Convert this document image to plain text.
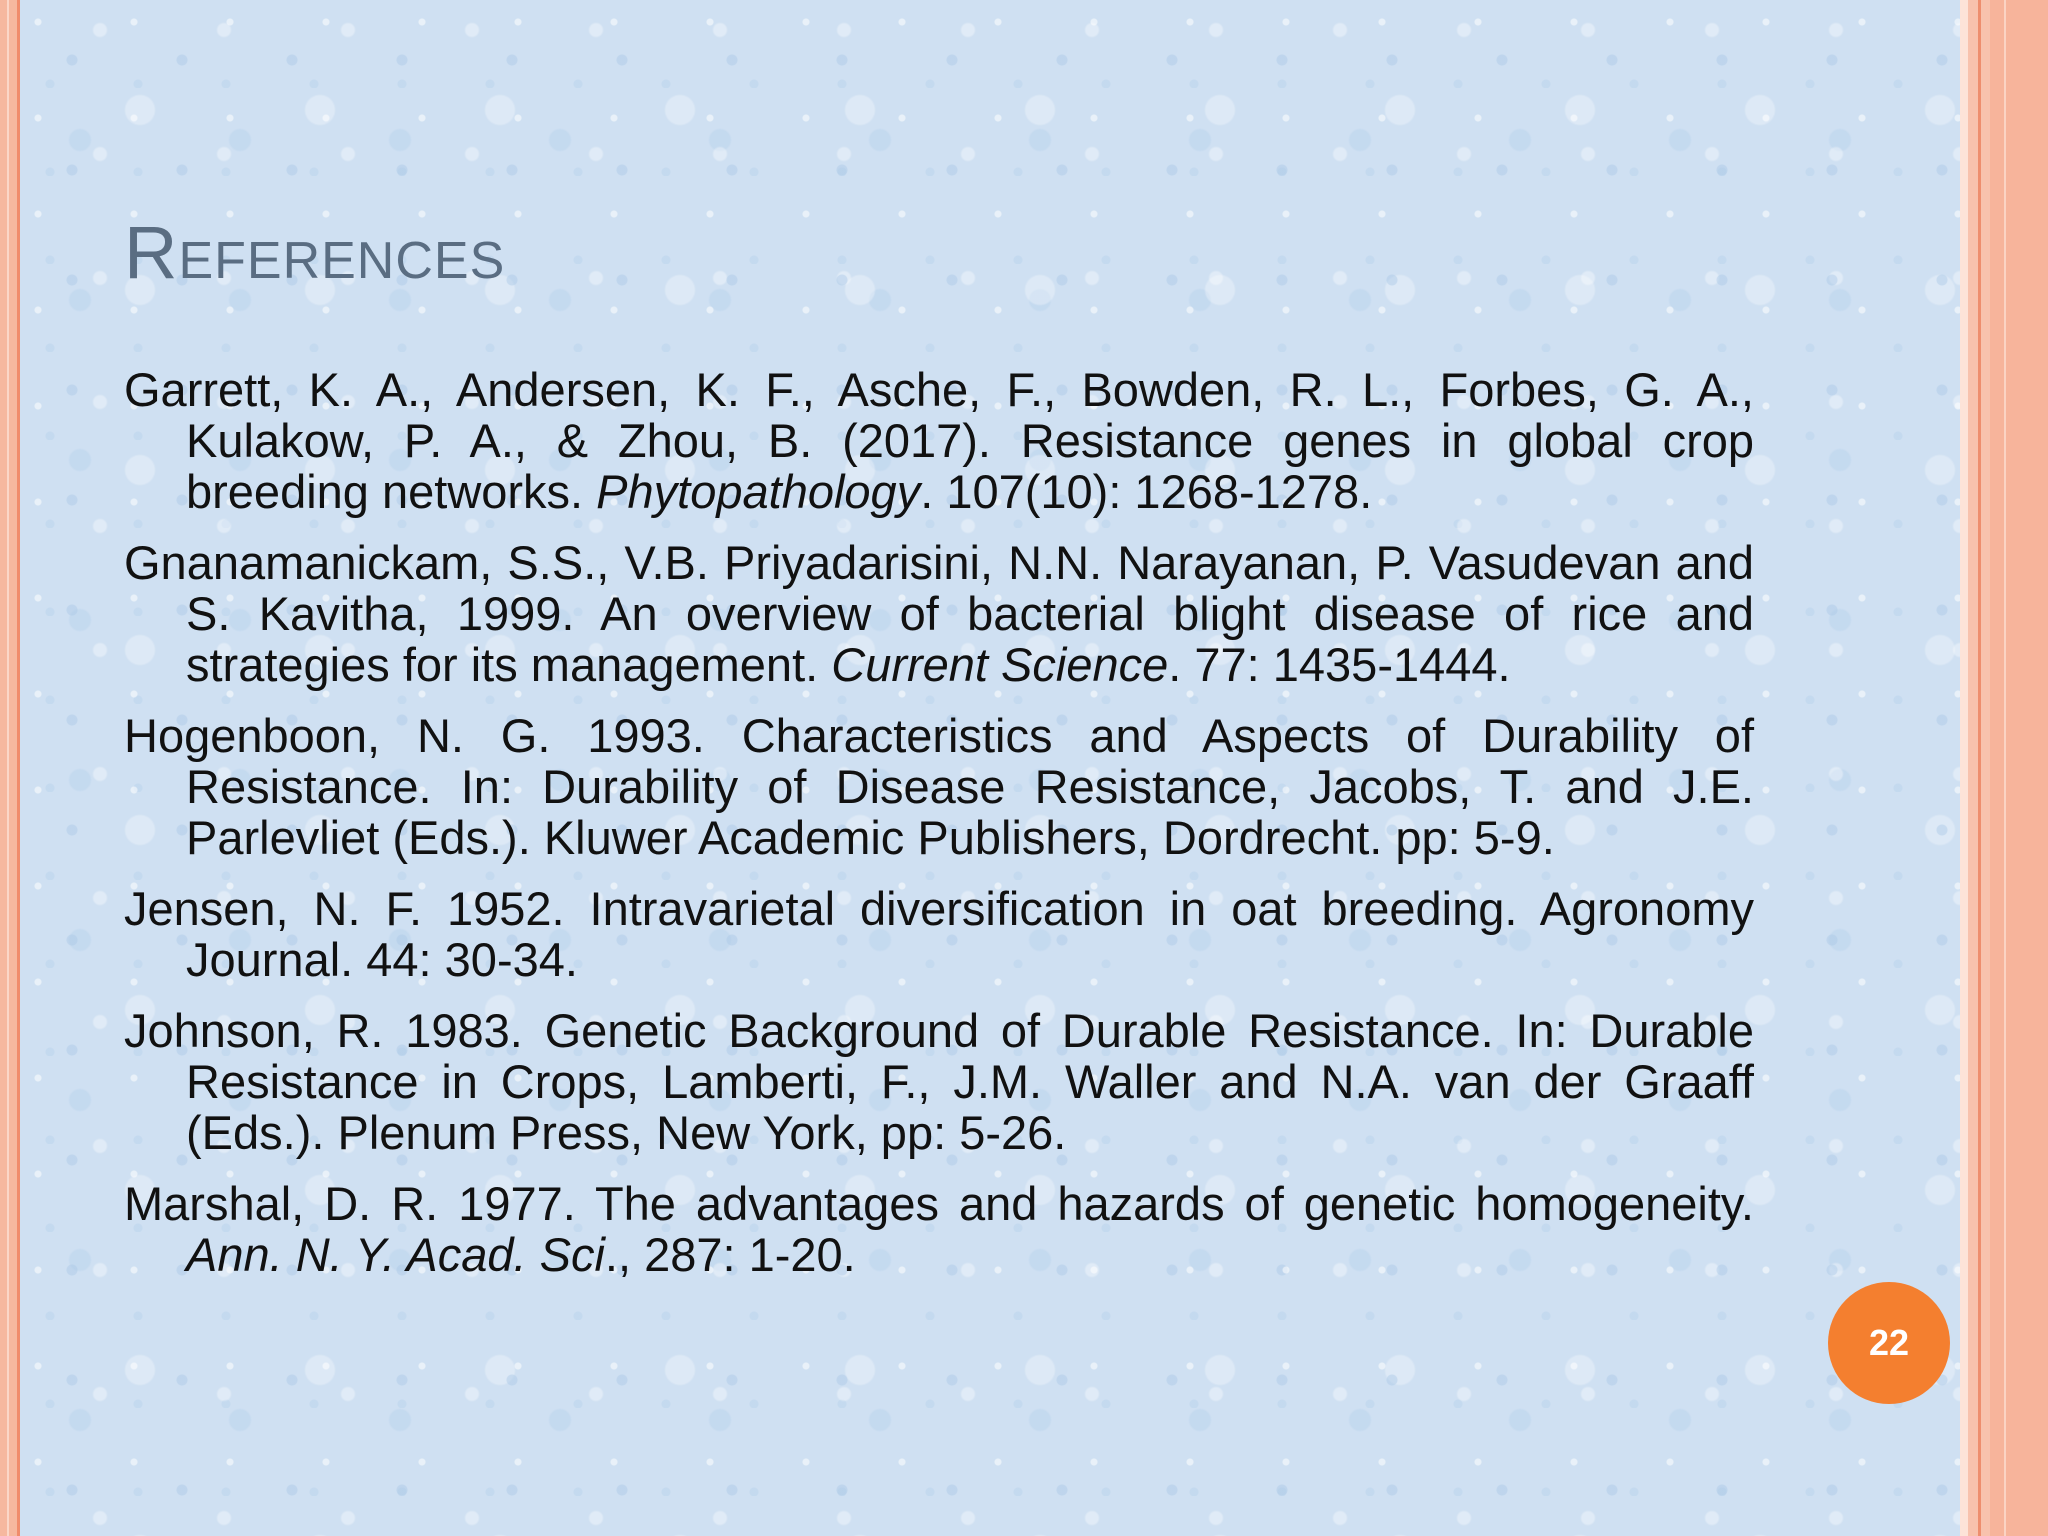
References
Garrett, K. A., Andersen, K. F., Asche, F., Bowden, R. L., Forbes, G. A., Kulakow, P. A., & Zhou, B. (2017). Resistance genes in global crop breeding networks. Phytopathology. 107(10): 1268-1278.
Gnanamanickam, S.S., V.B. Priyadarisini, N.N. Narayanan, P. Vasudevan and S. Kavitha, 1999. An overview of bacterial blight disease of rice and strategies for its management. Current Science. 77: 1435-1444.
Hogenboon, N. G. 1993. Characteristics and Aspects of Durability of Resistance. In: Durability of Disease Resistance, Jacobs, T. and J.E. Parlevliet (Eds.). Kluwer Academic Publishers, Dordrecht. pp: 5-9.
Jensen, N. F. 1952. Intravarietal diversification in oat breeding. Agronomy Journal. 44: 30-34.
Johnson, R. 1983. Genetic Background of Durable Resistance. In: Durable Resistance in Crops, Lamberti, F., J.M. Waller and N.A. van der Graaff (Eds.). Plenum Press, New York, pp: 5-26.
Marshal, D. R. 1977. The advantages and hazards of genetic homogeneity. Ann. N. Y. Acad. Sci., 287: 1-20.
22
